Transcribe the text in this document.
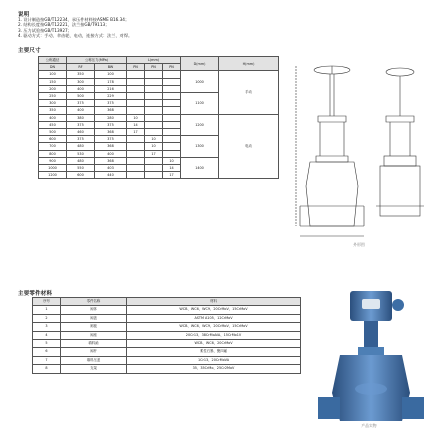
说明
1. 设计制造按GB/T12234、承压件材料按ASME B16.34；
2. 结构长度按GB/T12221，法兰按GB/T9113；
3. 压力试验按GB/T13927；
4. 驱动方式：手动、伞齿轮、电动，连接方式：法兰、对焊。
主要尺寸
公称通径	公称压力(MPa)		L(mm)			D(mm)	H(mm)
DN	RF	BW	PN	PN	PN		
100	350	100				1000	手动
150	300	178					
200	400	216					
250	500	229				1100	
300	375	375					
350	400	368					
400	380	280	10			1200	电动
450	375	375	14				
500	460	368	17				
600	375	375		10		1300	
700	480	368		10			
800	530	400		17			
900	480	368			10	1400	
1000	550	403			14		
1200	600	440			17		
外形图
主要零件材料
序号	零件名称	材料
1	阀体	WCB、WC6、WC9、20CrMoV、15CrMoV
2	阀盖	ASTM A105、12CrMoV
3	闸板	WCB、WC6、WC9、20CrMoV、15CrMoV
4	阀座	20Cr13、38CrMoAlA、15CrMo1V
5	填料函	WCB、WC6、20CrMoV
6	阀杆	柔性石墨、聚四氟
7	填料压盖	1Cr13、20CrMoVA
8	支架	35、35CrMo、25Cr2MoV
产品实物
